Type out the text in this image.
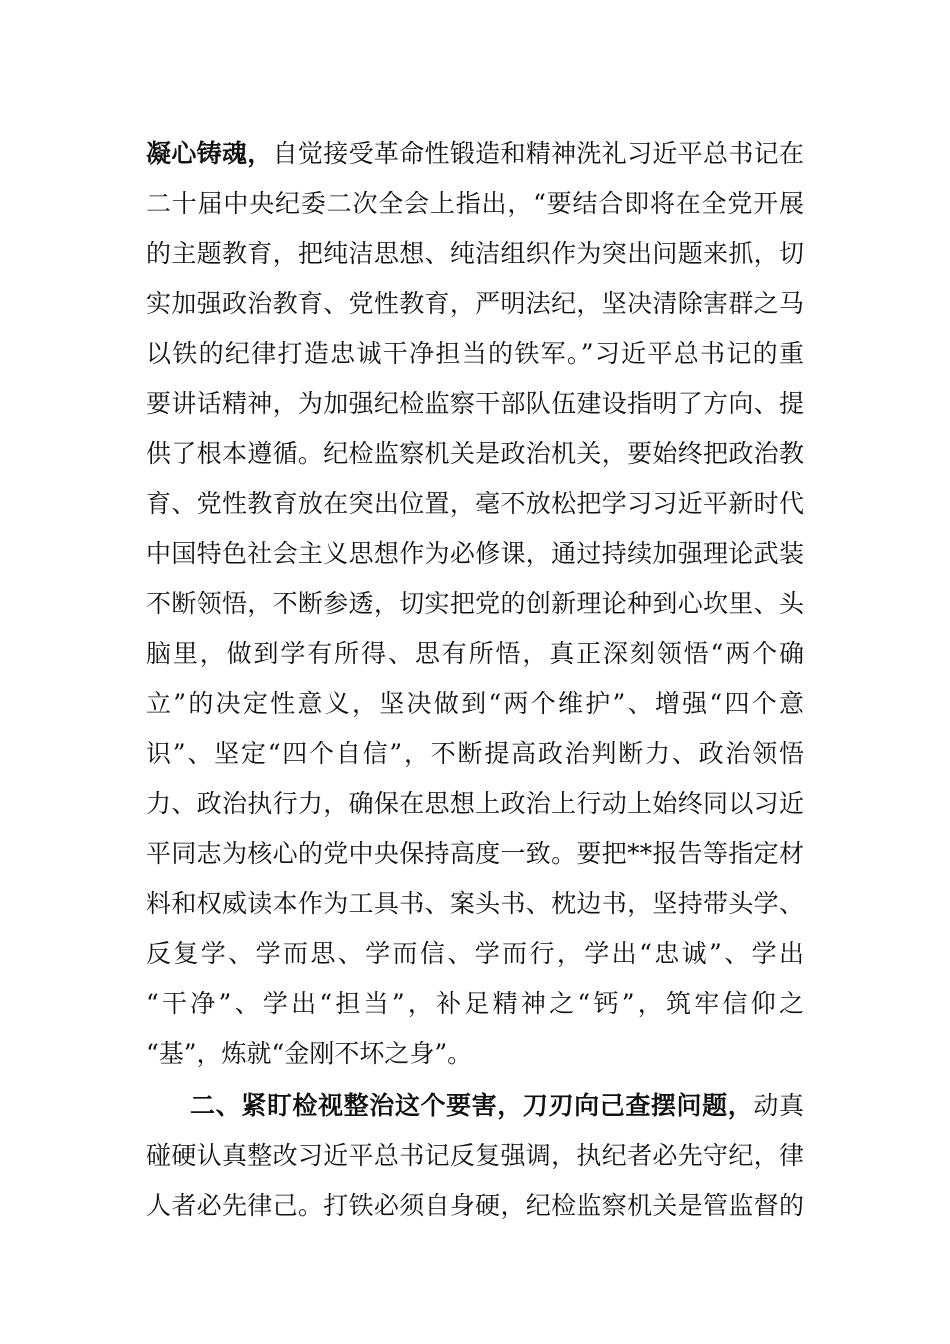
凝心铸魂，自觉接受革命性锻造和精神洗礼习近平总书记在
二十届中央纪委二次全会上指出，“要结合即将在全党开展
的主题教育，把纯洁思想、纯洁组织作为突出问题来抓，切
实加强政治教育、党性教育，严明法纪，坚决清除害群之马
以铁的纪律打造忠诚干净担当的铁军。”习近平总书记的重
要讲话精神，为加强纪检监察干部队伍建设指明了方向、提
供了根本遵循。纪检监察机关是政治机关，要始终把政治教
育、党性教育放在突出位置，毫不放松把学习习近平新时代
中国特色社会主义思想作为必修课，通过持续加强理论武装
不断领悟，不断参透，切实把党的创新理论种到心坎里、头
脑里，做到学有所得、思有所悟，真正深刻领悟“两个确
立”的决定性意义，坚决做到“两个维护”、增强“四个意
识”、坚定“四个自信”，不断提高政治判断力、政治领悟
力、政治执行力，确保在思想上政治上行动上始终同以习近
平同志为核心的党中央保持高度一致。要把**报告等指定材
料和权威读本作为工具书、案头书、枕边书，坚持带头学、
反复学、学而思、学而信、学而行，学出“忠诚”、学出
“干净”、学出“担当”，补足精神之“钙”，筑牢信仰之
“基”，炼就“金刚不坏之身”。
二、紧盯检视整治这个要害，刀刃向己查摆问题，动真
碰硬认真整改习近平总书记反复强调，执纪者必先守纪，律
人者必先律己。打铁必须自身硬，纪检监察机关是管监督的
